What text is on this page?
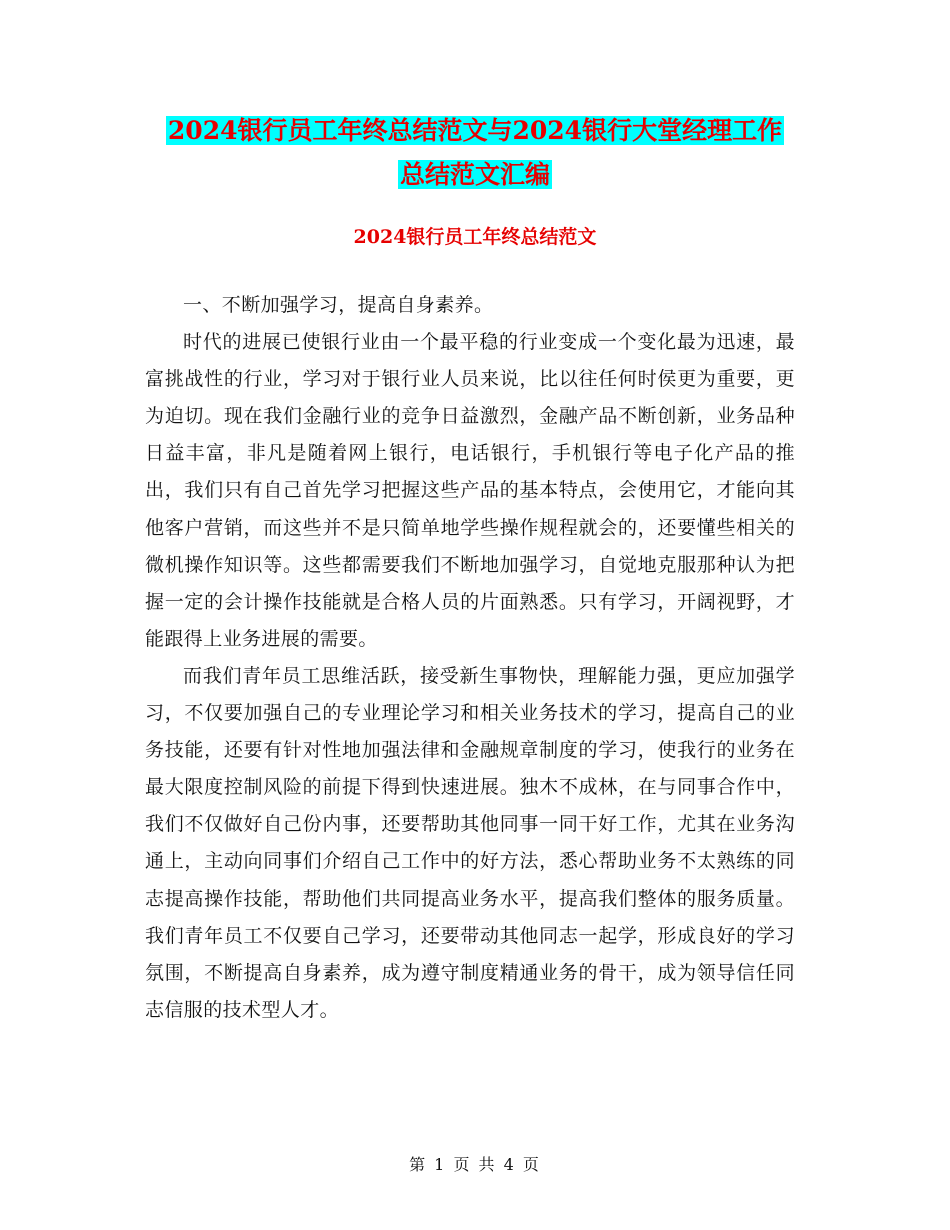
2024银行员工年终总结范文与2024银行大堂经理工作
总结范文汇编
2024银行员工年终总结范文

一、不断加强学习，提高自身素养。

时代的进展已使银行业由一个最平稳的行业变成一个变化最为迅速，最富挑战性的行业，学习对于银行业人员来说，比以往任何时侯更为重要，更为迫切。现在我们金融行业的竞争日益激烈，金融产品不断创新，业务品种日益丰富，非凡是随着网上银行，电话银行，手机银行等电子化产品的推出，我们只有自己首先学习把握这些产品的基本特点，会使用它，才能向其他客户营销，而这些并不是只简单地学些操作规程就会的，还要懂些相关的微机操作知识等。这些都需要我们不断地加强学习，自觉地克服那种认为把握一定的会计操作技能就是合格人员的片面熟悉。只有学习，开阔视野，才能跟得上业务进展的需要。

而我们青年员工思维活跃，接受新生事物快，理解能力强，更应加强学习，不仅要加强自己的专业理论学习和相关业务技术的学习，提高自己的业务技能，还要有针对性地加强法律和金融规章制度的学习，使我行的业务在最大限度控制风险的前提下得到快速进展。独木不成林，在与同事合作中，我们不仅做好自己份内事，还要帮助其他同事一同干好工作，尤其在业务沟通上，主动向同事们介绍自己工作中的好方法，悉心帮助业务不太熟练的同志提高操作技能，帮助他们共同提高业务水平，提高我们整体的服务质量。我们青年员工不仅要自己学习，还要带动其他同志一起学，形成良好的学习氛围，不断提高自身素养，成为遵守制度精通业务的骨干，成为领导信任同志信服的技术型人才。

第 1 页 共 4 页
